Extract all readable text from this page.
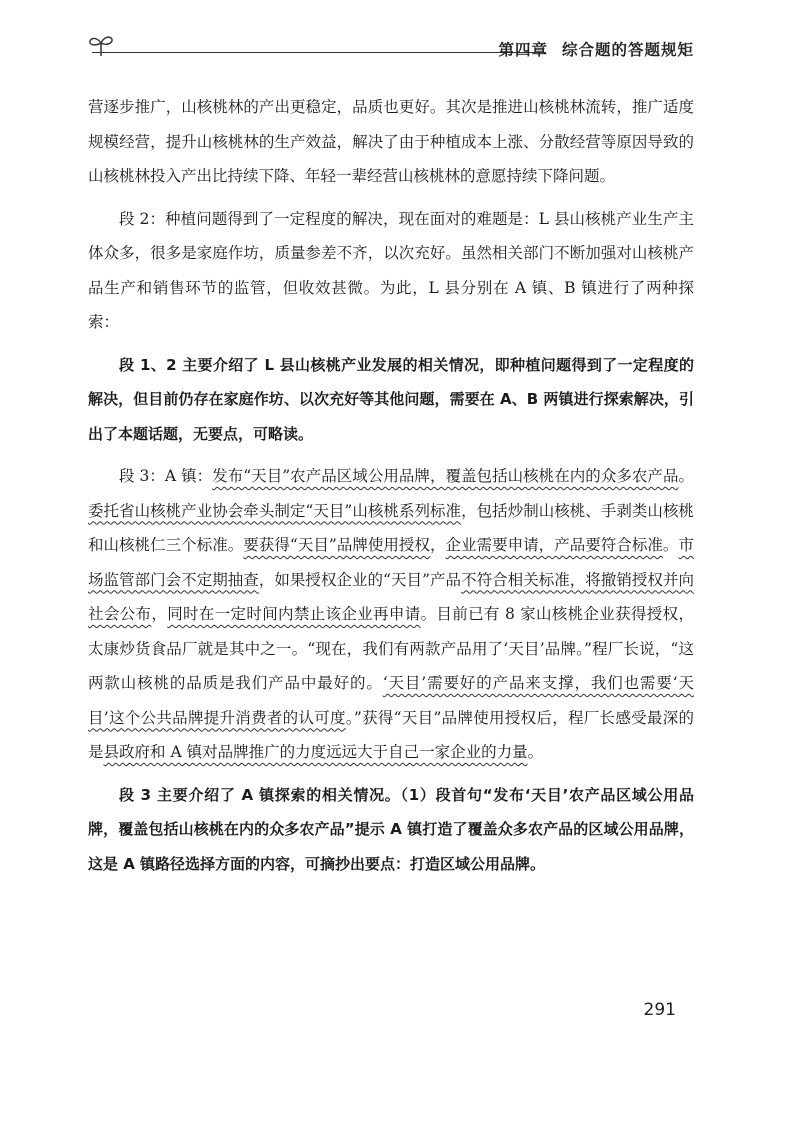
第四章 综合题的答题规矩

营逐步推广，山核桃林的产出更稳定，品质也更好。其次是推进山核桃林流转，推广适度规模经营，提升山核桃林的生产效益，解决了由于种植成本上涨、分散经营等原因导致的山核桃林投入产出比持续下降、年轻一辈经营山核桃林的意愿持续下降问题。

段 2：种植问题得到了一定程度的解决，现在面对的难题是：L 县山核桃产业生产主体众多，很多是家庭作坊，质量参差不齐，以次充好。虽然相关部门不断加强对山核桃产品生产和销售环节的监管，但收效甚微。为此，L 县分别在 A 镇、B 镇进行了两种探索：

段 1、2 主要介绍了 L 县山核桃产业发展的相关情况，即种植问题得到了一定程度的解决，但目前仍存在家庭作坊、以次充好等其他问题，需要在 A、B 两镇进行探索解决，引出了本题话题，无要点，可略读。

段 3：A 镇：发布“天目”农产品区域公用品牌，覆盖包括山核桃在内的众多农产品。委托省山核桃产业协会牵头制定“天目”山核桃系列标准，包括炒制山核桃、手剥类山核桃和山核桃仁三个标准。要获得“天目”品牌使用授权，企业需要申请，产品要符合标准。市场监管部门会不定期抽查，如果授权企业的“天目”产品不符合相关标准，将撤销授权并向社会公布，同时在一定时间内禁止该企业再申请。目前已有 8 家山核桃企业获得授权，太康炒货食品厂就是其中之一。“现在，我们有两款产品用了‘天目’品牌。”程厂长说，“这两款山核桃的品质是我们产品中最好的。‘天目’需要好的产品来支撑，我们也需要‘天目’这个公共品牌提升消费者的认可度。”获得“天目”品牌使用授权后，程厂长感受最深的是县政府和 A 镇对品牌推广的力度远远大于自己一家企业的力量。

段 3 主要介绍了 A 镇探索的相关情况。（1）段首句“发布‘天目’农产品区域公用品牌，覆盖包括山核桃在内的众多农产品”提示 A 镇打造了覆盖众多农产品的区域公用品牌，这是 A 镇路径选择方面的内容，可摘抄出要点：打造区域公用品牌。

291
